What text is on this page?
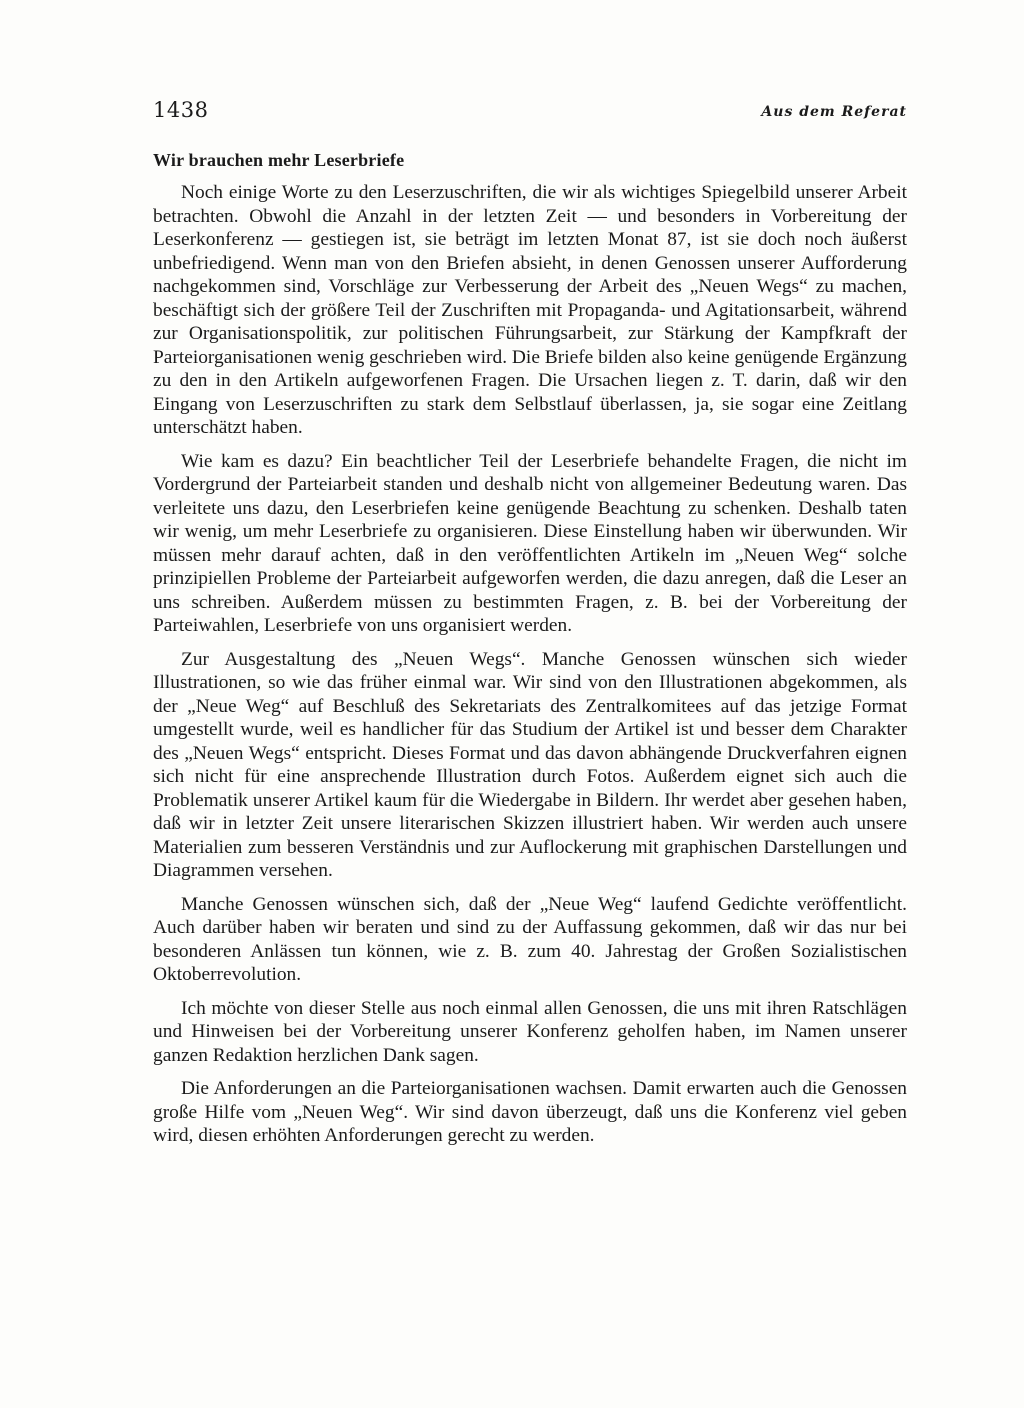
1438	Aus dem Referat
Wir brauchen mehr Leserbriefe

Noch einige Worte zu den Leserzuschriften, die wir als wichtiges Spiegelbild unserer Arbeit betrachten. Obwohl die Anzahl in der letzten Zeit — und besonders in Vorbereitung der Leserkonferenz — gestiegen ist, sie beträgt im letzten Monat 87, ist sie doch noch äußerst unbefriedigend. Wenn man von den Briefen absieht, in denen Genossen unserer Aufforderung nachgekommen sind, Vorschläge zur Verbesserung der Arbeit des „Neuen Wegs“ zu machen, beschäftigt sich der größere Teil der Zuschriften mit Propaganda- und Agitationsarbeit, während zur Organisationspolitik, zur politischen Führungsarbeit, zur Stärkung der Kampfkraft der Parteiorganisationen wenig geschrieben wird. Die Briefe bilden also keine genügende Ergänzung zu den in den Artikeln aufgeworfenen Fragen. Die Ursachen liegen z. T. darin, daß wir den Eingang von Leserzuschriften zu stark dem Selbstlauf überlassen, ja, sie sogar eine Zeitlang unterschätzt haben.

Wie kam es dazu? Ein beachtlicher Teil der Leserbriefe behandelte Fragen, die nicht im Vordergrund der Parteiarbeit standen und deshalb nicht von allgemeiner Bedeutung waren. Das verleitete uns dazu, den Leserbriefen keine genügende Beachtung zu schenken. Deshalb taten wir wenig, um mehr Leserbriefe zu organisieren. Diese Einstellung haben wir überwunden. Wir müssen mehr darauf achten, daß in den veröffentlichten Artikeln im „Neuen Weg“ solche prinzipiellen Probleme der Parteiarbeit aufgeworfen werden, die dazu anregen, daß die Leser an uns schreiben. Außerdem müssen zu bestimmten Fragen, z. B. bei der Vorbereitung der Parteiwahlen, Leserbriefe von uns organisiert werden.

Zur Ausgestaltung des „Neuen Wegs“. Manche Genossen wünschen sich wieder Illustrationen, so wie das früher einmal war. Wir sind von den Illustrationen abgekommen, als der „Neue Weg“ auf Beschluß des Sekretariats des Zentralkomitees auf das jetzige Format umgestellt wurde, weil es handlicher für das Studium der Artikel ist und besser dem Charakter des „Neuen Wegs“ entspricht. Dieses Format und das davon abhängende Druckverfahren eignen sich nicht für eine ansprechende Illustration durch Fotos. Außerdem eignet sich auch die Problematik unserer Artikel kaum für die Wiedergabe in Bildern. Ihr werdet aber gesehen haben, daß wir in letzter Zeit unsere literarischen Skizzen illustriert haben. Wir werden auch unsere Materialien zum besseren Verständnis und zur Auflockerung mit graphischen Darstellungen und Diagrammen versehen.

Manche Genossen wünschen sich, daß der „Neue Weg“ laufend Gedichte veröffentlicht. Auch darüber haben wir beraten und sind zu der Auffassung gekommen, daß wir das nur bei besonderen Anlässen tun können, wie z. B. zum 40. Jahrestag der Großen Sozialistischen Oktoberrevolution.

Ich möchte von dieser Stelle aus noch einmal allen Genossen, die uns mit ihren Ratschlägen und Hinweisen bei der Vorbereitung unserer Konferenz geholfen haben, im Namen unserer ganzen Redaktion herzlichen Dank sagen.

Die Anforderungen an die Parteiorganisationen wachsen. Damit erwarten auch die Genossen große Hilfe vom „Neuen Weg“. Wir sind davon überzeugt, daß uns die Konferenz viel geben wird, diesen erhöhten Anforderungen gerecht zu werden.
